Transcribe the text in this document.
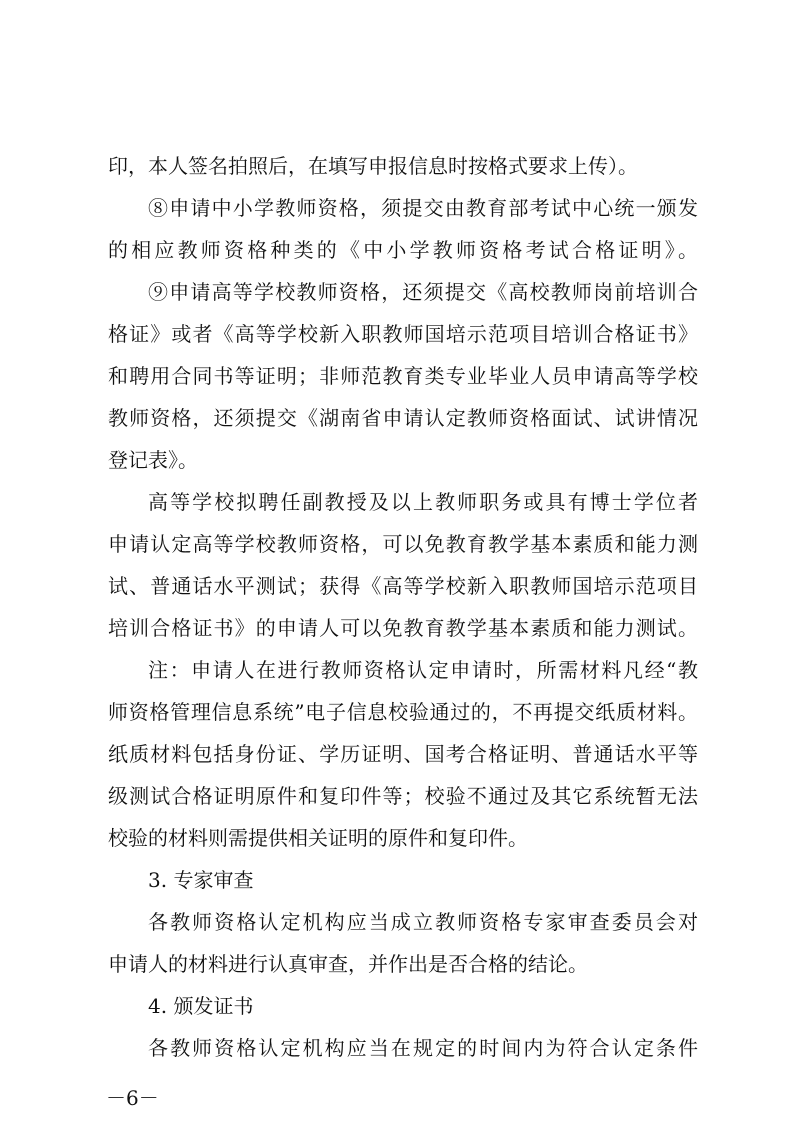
印，本人签名拍照后，在填写申报信息时按格式要求上传）。
⑧申请中小学教师资格，须提交由教育部考试中心统一颁发
的相应教师资格种类的《中小学教师资格考试合格证明》。
⑨申请高等学校教师资格，还须提交《高校教师岗前培训合
格证》或者《高等学校新入职教师国培示范项目培训合格证书》
和聘用合同书等证明；非师范教育类专业毕业人员申请高等学校
教师资格，还须提交《湖南省申请认定教师资格面试、试讲情况
登记表》。
高等学校拟聘任副教授及以上教师职务或具有博士学位者
申请认定高等学校教师资格，可以免教育教学基本素质和能力测
试、普通话水平测试；获得《高等学校新入职教师国培示范项目
培训合格证书》的申请人可以免教育教学基本素质和能力测试。
注：申请人在进行教师资格认定申请时，所需材料凡经“教
师资格管理信息系统”电子信息校验通过的，不再提交纸质材料。
纸质材料包括身份证、学历证明、国考合格证明、普通话水平等
级测试合格证明原件和复印件等；校验不通过及其它系统暂无法
校验的材料则需提供相关证明的原件和复印件。
3. 专家审查
各教师资格认定机构应当成立教师资格专家审查委员会对
申请人的材料进行认真审查，并作出是否合格的结论。
4. 颁发证书
各教师资格认定机构应当在规定的时间内为符合认定条件
－6－
